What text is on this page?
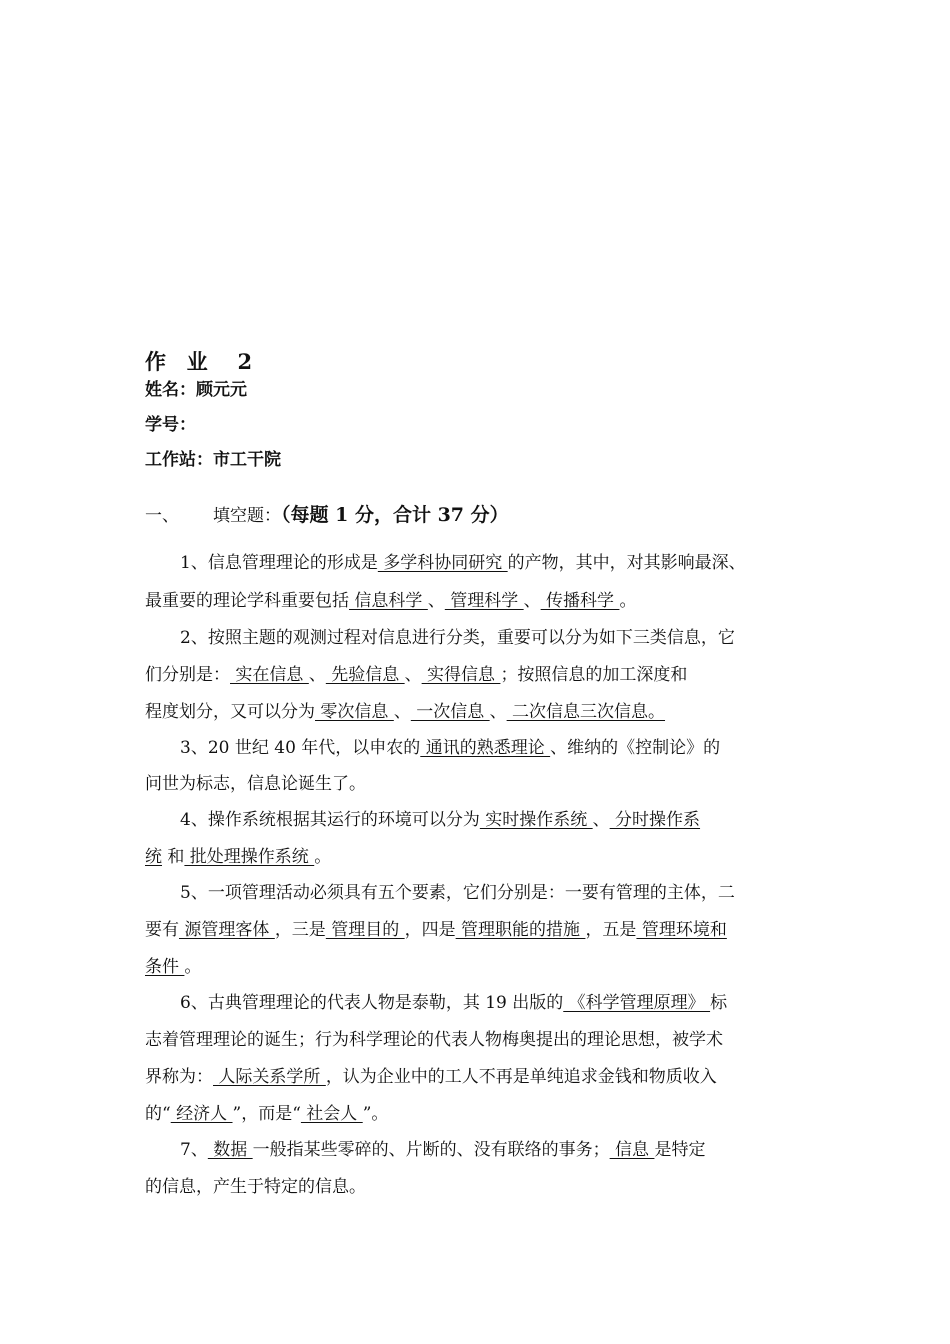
作  业   2
姓名：顾元元
学号：
工作站：市工干院
一、 填空题：（每题 1 分，合计 37 分）
1、信息管理理论的形成是 多学科协同研究 的产物，其中，对其影响最深、
最重要的理论学科重要包括 信息科学 、 管理科学 、 传播科学 。
2、按照主题的观测过程对信息进行分类，重要可以分为如下三类信息，它
们分别是： 实在信息 、 先验信息 、 实得信息 ；按照信息的加工深度和
程度划分，又可以分为 零次信息 、 一次信息 、 二次信息三次信息。
3、20 世纪 40 年代，以申农的 通讯的熟悉理论 、维纳的《控制论》的
问世为标志，信息论诞生了。
4、操作系统根据其运行的环境可以分为 实时操作系统 、 分时操作系
统 和 批处理操作系统 。
5、一项管理活动必须具有五个要素，它们分别是：一要有管理的主体，二
要有 源管理客体 ，三是 管理目的 ，四是 管理职能的措施 ，五是 管理环境和
条件 。
6、古典管理理论的代表人物是泰勒，其 19 出版的 《科学管理原理》 标
志着管理理论的诞生；行为科学理论的代表人物梅奥提出的理论思想，被学术
界称为： 人际关系学所 ，认为企业中的工人不再是单纯追求金钱和物质收入
的“ 经济人 ”，而是“ 社会人 ”。
7、 数据 一般指某些零碎的、片断的、没有联络的事务； 信息 是特定
的信息，产生于特定的信息。
